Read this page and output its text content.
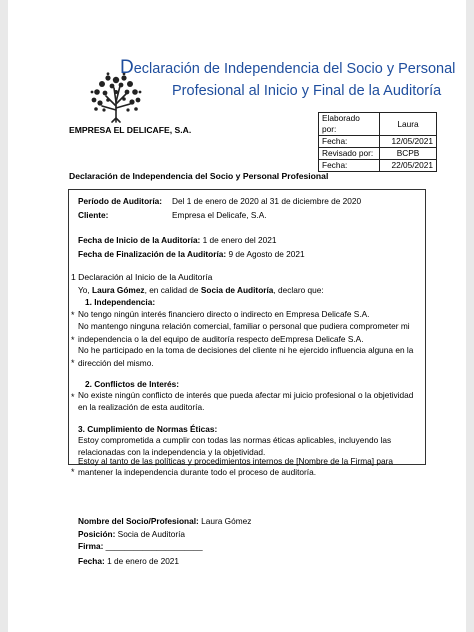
Declaración de Independencia del Socio y Personal
Profesional al Inicio y Final de la Auditoría
EMPRESA EL DELICAFE, S.A.
Elaborado por:	Laura
Fecha:	12/05/2021
Revisado por:	BCPB
Fecha:	22/05/2021
Declaración de Independencia del Socio y Personal Profesional
Período de Auditoría: Del 1 de enero de 2020 al 31 de diciembre de 2020
Cliente:	Empresa el Delicafe, S.A.
Fecha de Inicio de la Auditoría: 1 de enero del 2021
Fecha de Finalización de la Auditoría: 9 de Agosto de 2021
1 Declaración al Inicio de la Auditoría
Yo, Laura Gómez, en calidad de Socia de Auditoría, declaro que:
1. Independencia:
* No tengo ningún interés financiero directo o indirecto en Empresa Delicafe S.A.
No mantengo ninguna relación comercial, familiar o personal que pudiera comprometer mi
* independencia o la del equipo de auditoría respecto deEmpresa Delicafe S.A.
No he participado en la toma de decisiones del cliente ni he ejercido influencia alguna en la
* dirección del mismo.
2. Conflictos de Interés:
* No existe ningún conflicto de interés que pueda afectar mi juicio profesional o la objetividad
en la realización de esta auditoría.
3. Cumplimiento de Normas Éticas:
Estoy comprometida a cumplir con todas las normas éticas aplicables, incluyendo las
relacionadas con la independencia y la objetividad.
Estoy al tanto de las políticas y procedimientos internos de [Nombre de la Firma] para
* mantener la independencia durante todo el proceso de auditoría.
Nombre del Socio/Profesional: Laura Gómez
Posición: Socia de Auditoría
Firma: _____________________
Fecha: 1 de enero de 2021
